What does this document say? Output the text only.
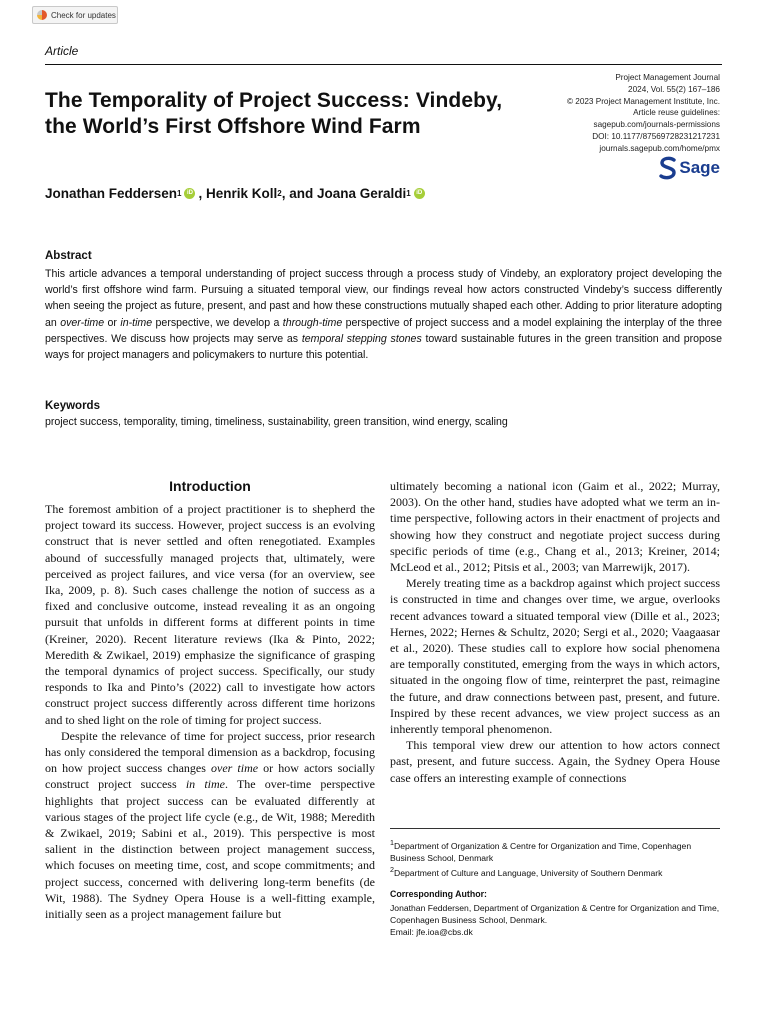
Check for updates
Article
The Temporality of Project Success: Vindeby,
the World’s First Offshore Wind Farm
Project Management Journal
2024, Vol. 55(2) 167–186
© 2023 Project Management Institute, Inc.
Article reuse guidelines:
sagepub.com/journals-permissions
DOI: 10.1177/87569728231217231
journals.sagepub.com/home/pmx
Sage
Jonathan Feddersen 1 iD , Henrik Koll 2 , and Joana Geraldi 1 iD
Abstract

This article advances a temporal understanding of project success through a process study of Vindeby, an exploratory project developing the world’s first offshore wind farm. Pursuing a situated temporal view, our findings reveal how actors constructed Vindeby’s success differently when seeing the project as future, present, and past and how these constructions mutually shaped each other. Adding to prior literature adopting an over-time or in-time perspective, we develop a through-time perspective of project success and a model explaining the interplay of the three perspectives. We discuss how projects may serve as temporal stepping stones toward sustainable futures in the green transition and propose ways for project managers and policymakers to nurture this potential.

Keywords
project success, temporality, timing, timeliness, sustainability, green transition, wind energy, scaling
Introduction

The foremost ambition of a project practitioner is to shepherd the project toward its success. However, project success is an evolving construct that is never settled and often renegotiated. Examples abound of successfully managed projects that, ultimately, were perceived as project failures, and vice versa (for an overview, see Ika, 2009, p. 8). Such cases challenge the notion of success as a fixed and conclusive outcome, instead revealing it as an ongoing pursuit that unfolds in different forms at different points in time (Kreiner, 2020). Recent literature reviews (Ika & Pinto, 2022; Meredith & Zwikael, 2019) emphasize the significance of grasping the temporal dynamics of project success. Specifically, our study responds to Ika and Pinto’s (2022) call to investigate how actors construct project success differently across different time horizons and to shed light on the role of timing for project success.

Despite the relevance of time for project success, prior research has only considered the temporal dimension as a backdrop, focusing on how project success changes over time or how actors socially construct project success in time. The over-time perspective highlights that project success can be evaluated differently at various stages of the project life cycle (e.g., de Wit, 1988; Meredith & Zwikael, 2019; Sabini et al., 2019). This perspective is most salient in the distinction between project management success, which focuses on meeting time, cost, and scope commitments; and project success, concerned with delivering long-term benefits (de Wit, 1988). The Sydney Opera House is a well-fitting example, initially seen as a project management failure but

ultimately becoming a national icon (Gaim et al., 2022; Murray, 2003). On the other hand, studies have adopted what we term an in-time perspective, following actors in their enactment of projects and showing how they construct and negotiate project success during specific periods of time (e.g., Chang et al., 2013; Kreiner, 2014; McLeod et al., 2012; Pitsis et al., 2003; van Marrewijk, 2017).

Merely treating time as a backdrop against which project success is constructed in time and changes over time, we argue, overlooks recent advances toward a situated temporal view (Dille et al., 2023; Hernes, 2022; Hernes & Schultz, 2020; Sergi et al., 2020; Vaagaasar et al., 2020). These studies call to explore how social phenomena are temporally constituted, emerging from the ways in which actors, situated in the ongoing flow of time, reinterpret the past, reimagine the future, and draw connections between past, present, and future. Inspired by these recent advances, we view project success as an inherently temporal phenomenon.

This temporal view drew our attention to how actors connect past, present, and future success. Again, the Sydney Opera House case offers an interesting example of connections

$^1$Department of Organization & Centre for Organization and Time, Copenhagen Business School, Denmark

$^2$Department of Culture and Language, University of Southern Denmark

Corresponding Author:

Jonathan Feddersen, Department of Organization & Centre for Organization and Time, Copenhagen Business School, Denmark.

Email: jfe.ioa@cbs.dk
